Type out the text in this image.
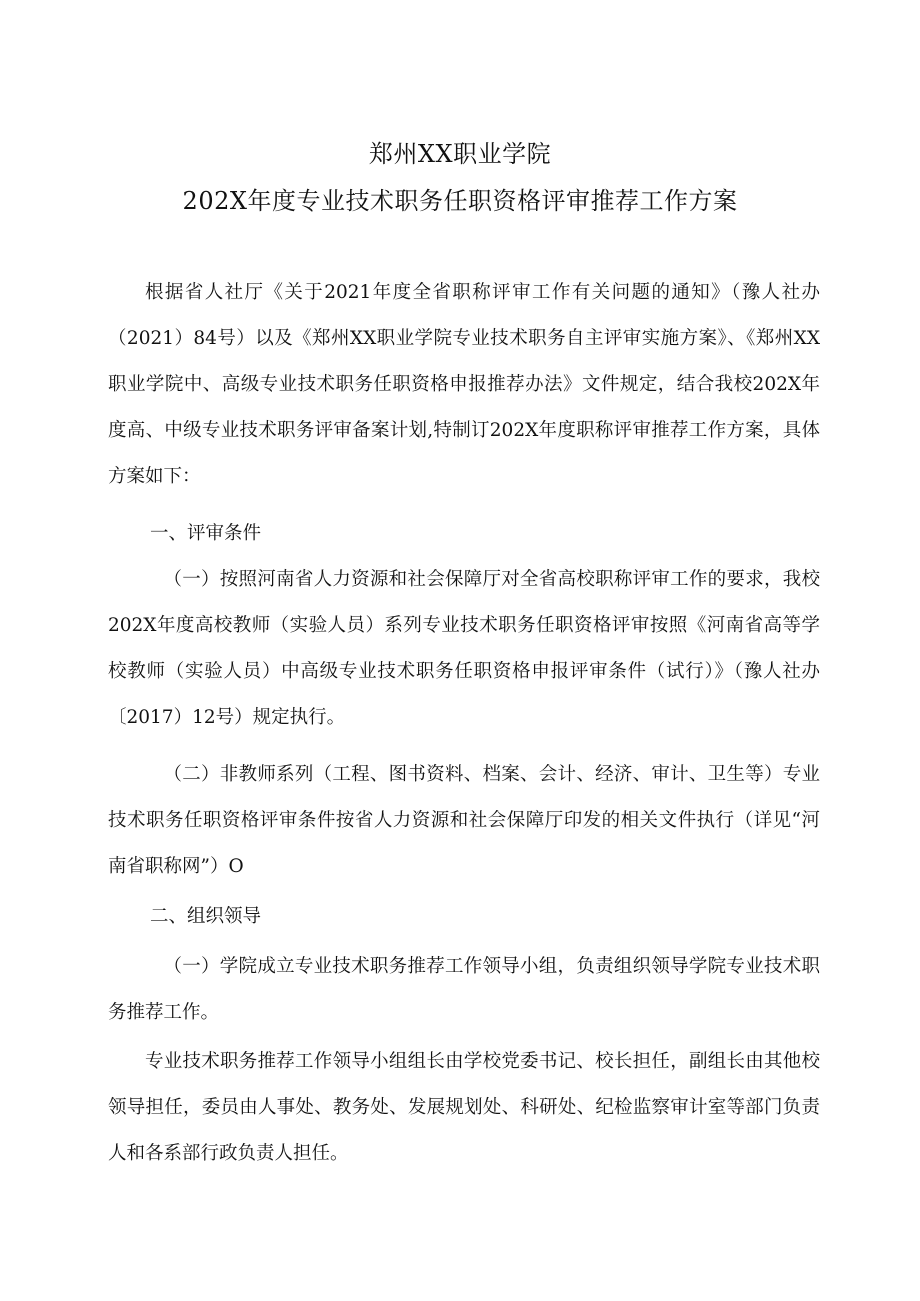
郑州XX职业学院
202X年度专业技术职务任职资格评审推荐工作方案

根据省人社厅《关于2021年度全省职称评审工作有关问题的通知》（豫人社办（2021）84号）以及《郑州XX职业学院专业技术职务自主评审实施方案》、《郑州XX职业学院中、高级专业技术职务任职资格申报推荐办法》文件规定，结合我校202X年度高、中级专业技术职务评审备案计划,特制订202X年度职称评审推荐工作方案，具体方案如下：

一、评审条件

（一）按照河南省人力资源和社会保障厅对全省高校职称评审工作的要求，我校202X年度高校教师（实验人员）系列专业技术职务任职资格评审按照《河南省高等学校教师（实验人员）中高级专业技术职务任职资格申报评审条件（试行）》（豫人社办〔2017）12号）规定执行。

（二）非教师系列（工程、图书资料、档案、会计、经济、审计、卫生等）专业技术职务任职资格评审条件按省人力资源和社会保障厅印发的相关文件执行（详见“河南省职称网”）O

二、组织领导

（一）学院成立专业技术职务推荐工作领导小组，负责组织领导学院专业技术职务推荐工作。

专业技术职务推荐工作领导小组组长由学校党委书记、校长担任，副组长由其他校领导担任，委员由人事处、教务处、发展规划处、科研处、纪检监察审计室等部门负责人和各系部行政负责人担任。
